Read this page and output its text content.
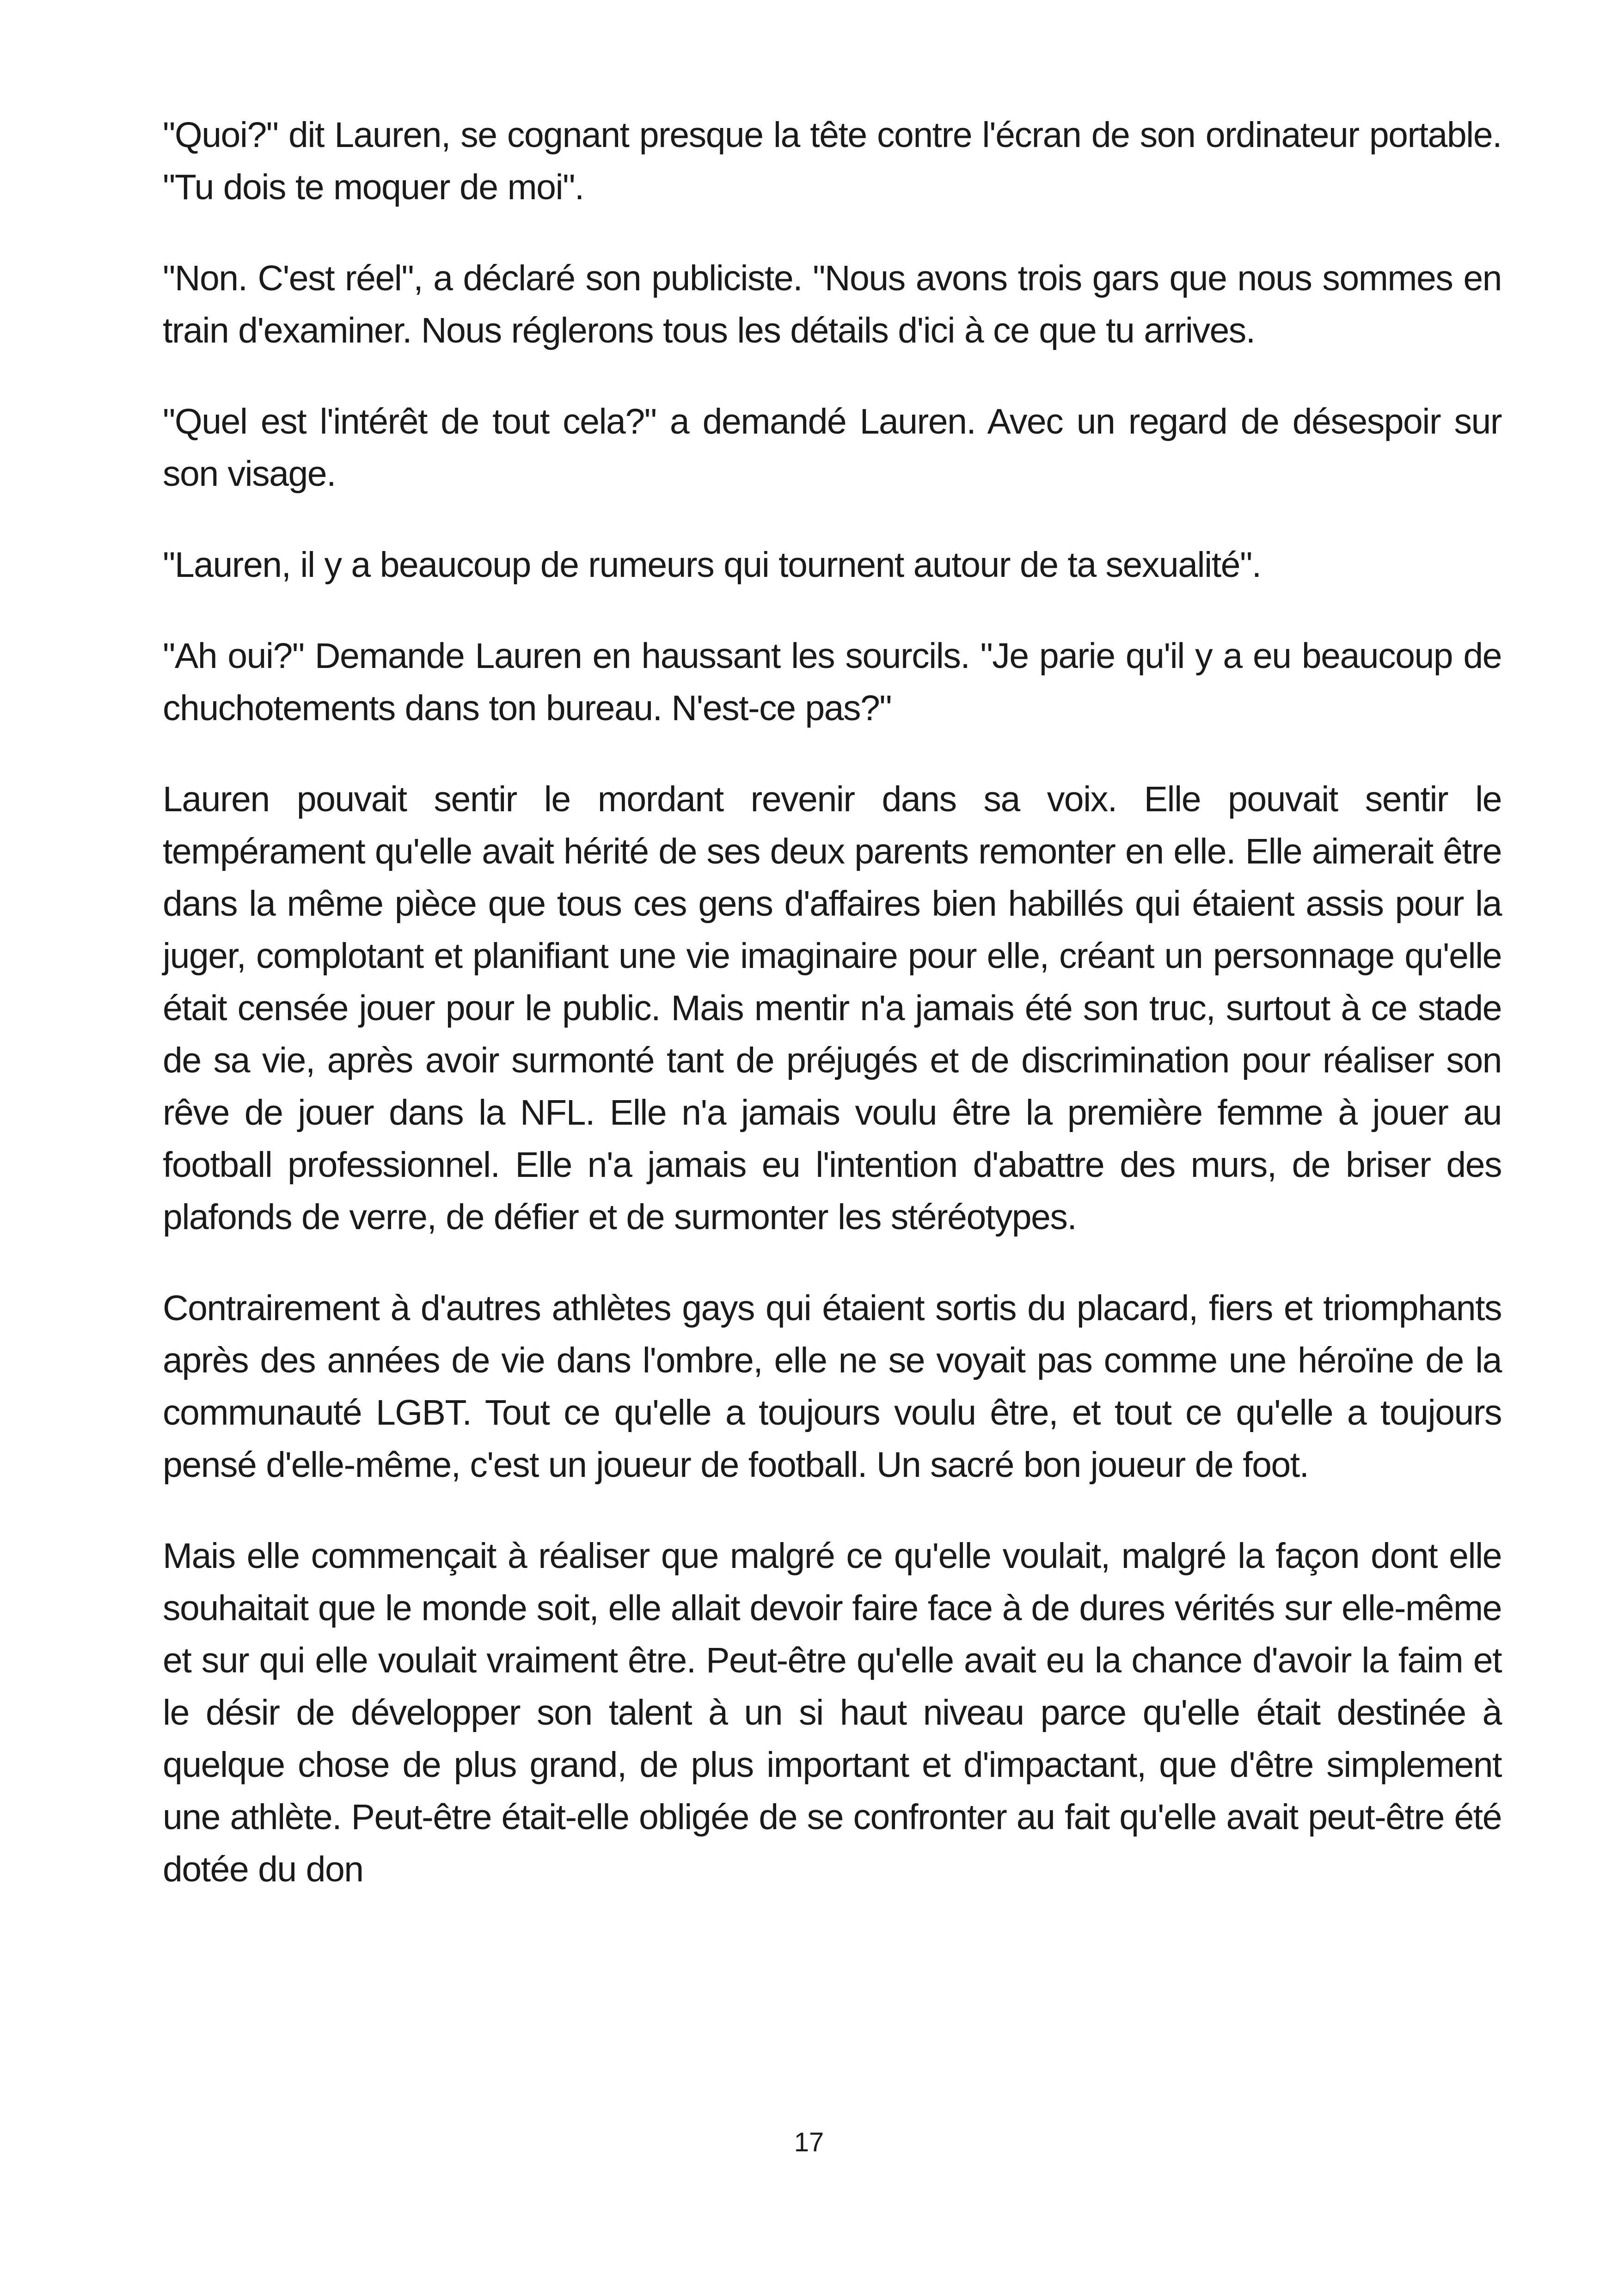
"Quoi?" dit Lauren, se cognant presque la tête contre l'écran de son ordinateur portable. "Tu dois te moquer de moi".

"Non. C'est réel", a déclaré son publiciste. "Nous avons trois gars que nous sommes en train d'examiner. Nous réglerons tous les détails d'ici à ce que tu arrives.

"Quel est l'intérêt de tout cela?" a demandé Lauren. Avec un regard de désespoir sur son visage.

"Lauren, il y a beaucoup de rumeurs qui tournent autour de ta sexualité".

"Ah oui?" Demande Lauren en haussant les sourcils. "Je parie qu'il y a eu beaucoup de chuchotements dans ton bureau. N'est-ce pas?"

Lauren pouvait sentir le mordant revenir dans sa voix. Elle pouvait sentir le tempérament qu'elle avait hérité de ses deux parents remonter en elle. Elle aimerait être dans la même pièce que tous ces gens d'affaires bien habillés qui étaient assis pour la juger, complotant et planifiant une vie imaginaire pour elle, créant un personnage qu'elle était censée jouer pour le public. Mais mentir n'a jamais été son truc, surtout à ce stade de sa vie, après avoir surmonté tant de préjugés et de discrimination pour réaliser son rêve de jouer dans la NFL. Elle n'a jamais voulu être la première femme à jouer au football professionnel. Elle n'a jamais eu l'intention d'abattre des murs, de briser des plafonds de verre, de défier et de surmonter les stéréotypes.

Contrairement à d'autres athlètes gays qui étaient sortis du placard, fiers et triomphants après des années de vie dans l'ombre, elle ne se voyait pas comme une héroïne de la communauté LGBT. Tout ce qu'elle a toujours voulu être, et tout ce qu'elle a toujours pensé d'elle-même, c'est un joueur de football. Un sacré bon joueur de foot.

Mais elle commençait à réaliser que malgré ce qu'elle voulait, malgré la façon dont elle souhaitait que le monde soit, elle allait devoir faire face à de dures vérités sur elle-même et sur qui elle voulait vraiment être. Peut-être qu'elle avait eu la chance d'avoir la faim et le désir de développer son talent à un si haut niveau parce qu'elle était destinée à quelque chose de plus grand, de plus important et d'impactant, que d'être simplement une athlète. Peut-être était-elle obligée de se confronter au fait qu'elle avait peut-être été dotée du don

17
